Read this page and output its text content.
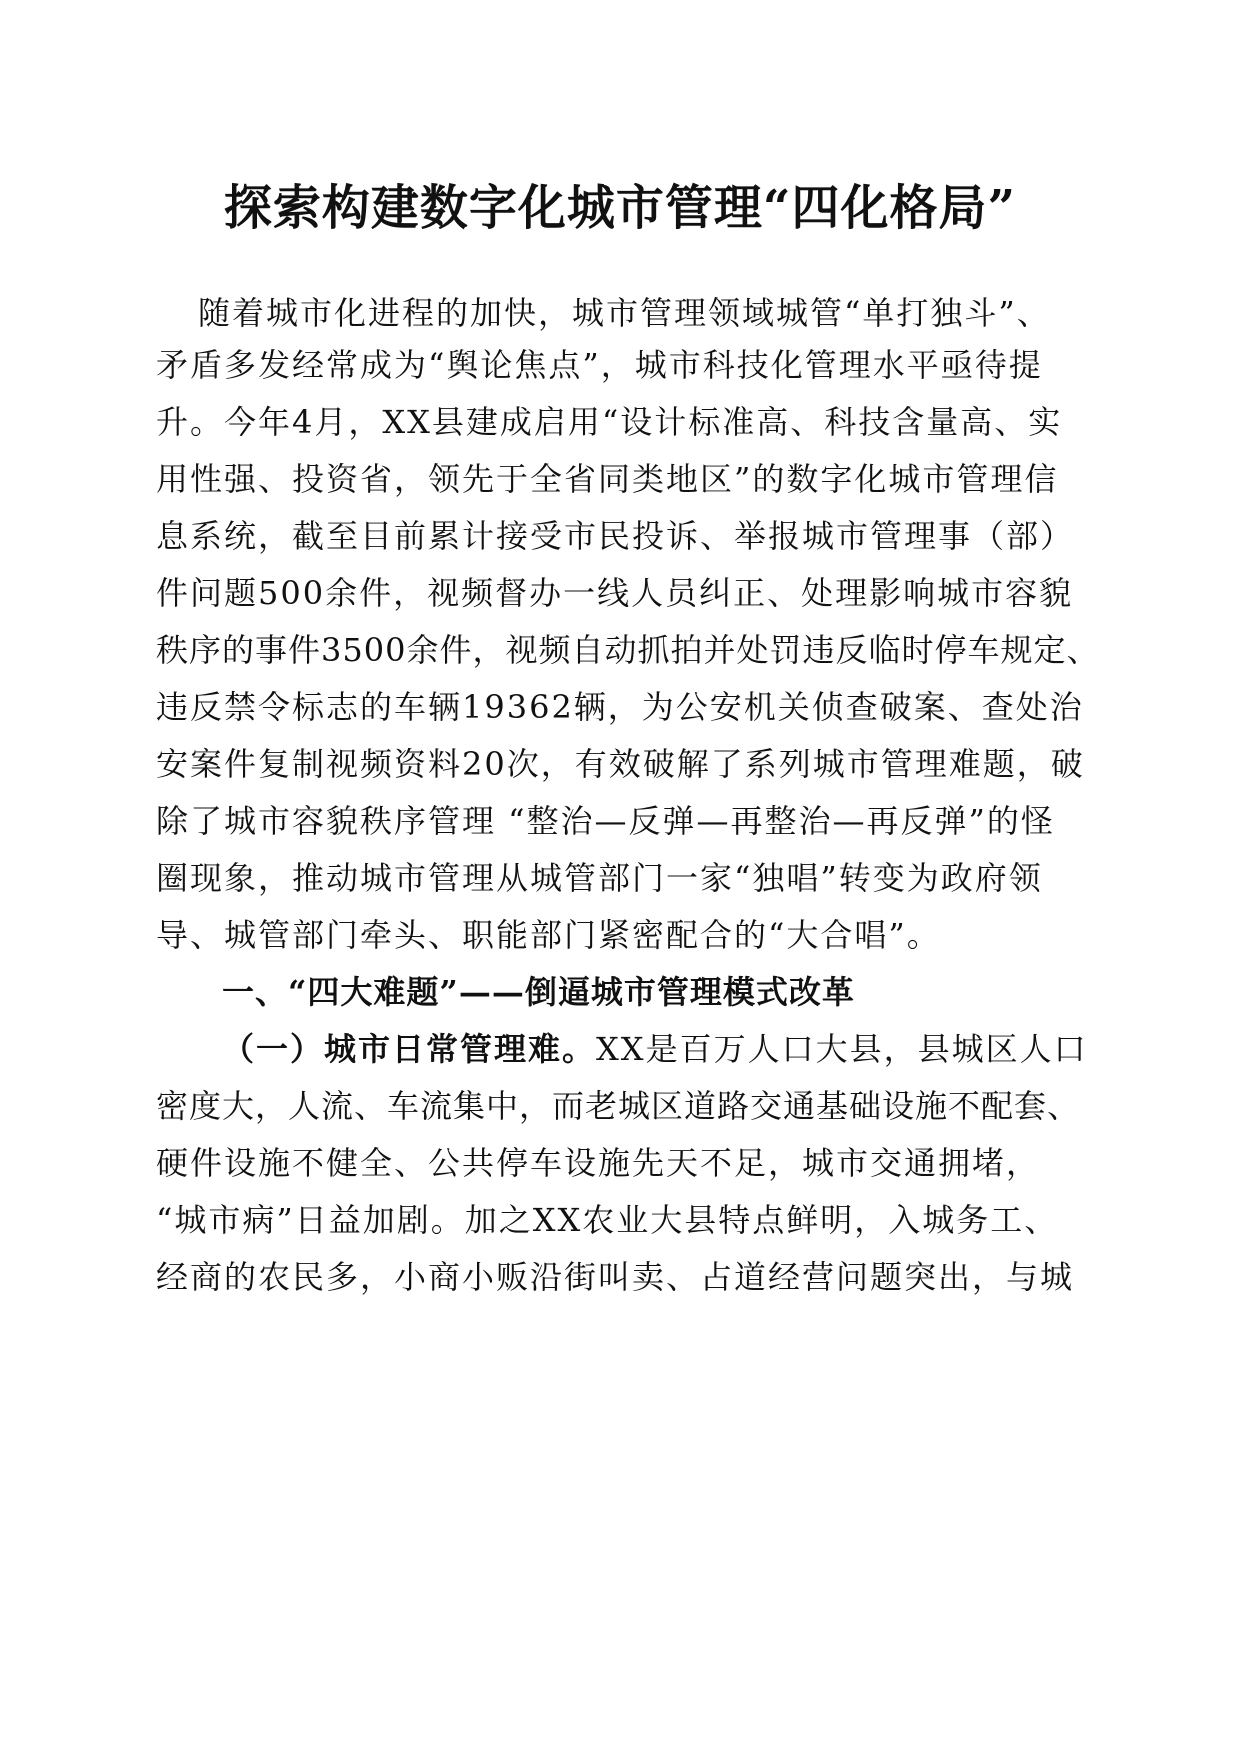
探索构建数字化城市管理“四化格局”
随着城市化进程的加快，城市管理领域城管“单打独斗”、
矛盾多发经常成为“舆论焦点”，城市科技化管理水平亟待提
升。今年4月，XX县建成启用“设计标准高、科技含量高、实
用性强、投资省，领先于全省同类地区”的数字化城市管理信
息系统，截至目前累计接受市民投诉、举报城市管理事（部）
件问题500余件，视频督办一线人员纠正、处理影响城市容貌
秩序的事件3500余件，视频自动抓拍并处罚违反临时停车规定、
违反禁令标志的车辆19362辆，为公安机关侦查破案、查处治
安案件复制视频资料20次，有效破解了系列城市管理难题，破
除了城市容貌秩序管理 “整治—反弹—再整治—再反弹”的怪
圈现象，推动城市管理从城管部门一家“独唱”转变为政府领
导、城管部门牵头、职能部门紧密配合的“大合唱”。
一、“四大难题”——倒逼城市管理模式改革
（一）城市日常管理难。XX是百万人口大县，县城区人口
密度大，人流、车流集中，而老城区道路交通基础设施不配套、
硬件设施不健全、公共停车设施先天不足，城市交通拥堵，
“城市病”日益加剧。加之XX农业大县特点鲜明，入城务工、
经商的农民多，小商小贩沿街叫卖、占道经营问题突出，与城
